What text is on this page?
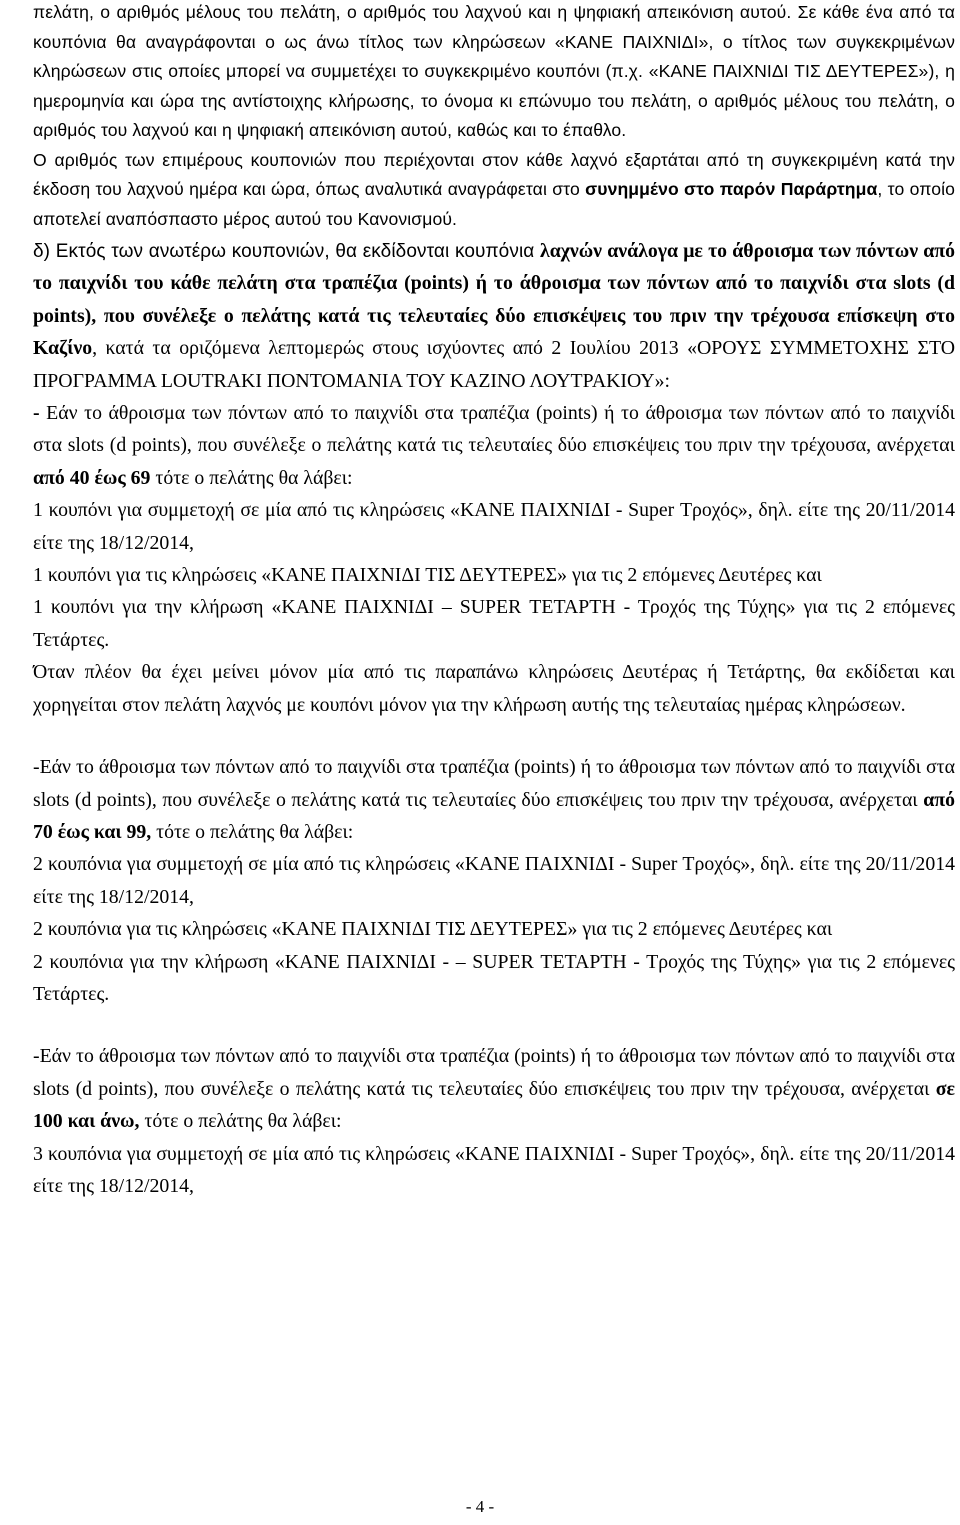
πελάτη, ο αριθμός μέλους του πελάτη, ο αριθμός του λαχνού και η ψηφιακή απεικόνιση αυτού. Σε κάθε ένα από τα κουπόνια θα αναγράφονται ο ως άνω τίτλος των κληρώσεων «ΚΑΝΕ ΠΑΙΧΝΙΔΙ», ο τίτλος των συγκεκριμένων κληρώσεων στις οποίες μπορεί να συμμετέχει το συγκεκριμένο κουπόνι (π.χ. «ΚΑΝΕ ΠΑΙΧΝΙΔΙ ΤΙΣ ΔΕΥΤΕΡΕΣ»), η ημερομηνία και ώρα της αντίστοιχης κλήρωσης, το όνομα κι επώνυμο του πελάτη, ο αριθμός μέλους του πελάτη, ο αριθμός του λαχνού και η ψηφιακή απεικόνιση αυτού, καθώς και το έπαθλο.

Ο αριθμός των επιμέρους κουπονιών που περιέχονται στον κάθε λαχνό εξαρτάται από τη συγκεκριμένη κατά την έκδοση του λαχνού ημέρα και ώρα, όπως αναλυτικά αναγράφεται στο συνημμένο στο παρόν Παράρτημα, το οποίο αποτελεί αναπόσπαστο μέρος αυτού του Κανονισμού.

δ) Εκτός των ανωτέρω κουπονιών, θα εκδίδονται κουπόνια λαχνών ανάλογα με το άθροισμα των πόντων από το παιχνίδι του κάθε πελάτη στα τραπέζια (points) ή το άθροισμα των πόντων από το παιχνίδι στα slots (d points), που συνέλεξε ο πελάτης κατά τις τελευταίες δύο επισκέψεις του πριν την τρέχουσα επίσκεψη στο Καζίνο, κατά τα οριζόμενα λεπτομερώς στους ισχύοντες από 2 Ιουλίου 2013 «ΟΡΟΥΣ ΣΥΜΜΕΤΟΧΗΣ ΣΤΟ ΠΡΟΓΡΑΜΜΑ LOUTRAKI ΠΟΝΤΟΜΑΝΙΑ ΤΟΥ ΚΑΖΙΝΟ ΛΟΥΤΡΑΚΙΟΥ»:

- Εάν το άθροισμα των πόντων από το παιχνίδι στα τραπέζια (points) ή το άθροισμα των πόντων από το παιχνίδι στα slots (d points), που συνέλεξε ο πελάτης κατά τις τελευταίες δύο επισκέψεις του πριν την τρέχουσα, ανέρχεται από 40 έως 69 τότε ο πελάτης θα λάβει:

1 κουπόνι για συμμετοχή σε μία από τις κληρώσεις «ΚΑΝΕ ΠΑΙΧΝΙΔΙ - Super Τροχός», δηλ. είτε της 20/11/2014 είτε της 18/12/2014,

1 κουπόνι για τις κληρώσεις «ΚΑΝΕ ΠΑΙΧΝΙΔΙ ΤΙΣ ΔΕΥΤΕΡΕΣ» για τις 2 επόμενες Δευτέρες και

1 κουπόνι για την κλήρωση «ΚΑΝΕ ΠΑΙΧΝΙΔΙ – SUPER ΤΕΤΑΡΤΗ - Τροχός της Τύχης» για τις 2 επόμενες Τετάρτες.

Όταν πλέον θα έχει μείνει μόνον μία από τις παραπάνω κληρώσεις Δευτέρας ή Τετάρτης, θα εκδίδεται και χορηγείται στον πελάτη λαχνός με κουπόνι μόνον για την κλήρωση αυτής της τελευταίας ημέρας κληρώσεων.

-Εάν το άθροισμα των πόντων από το παιχνίδι στα τραπέζια (points) ή το άθροισμα των πόντων από το παιχνίδι στα slots (d points), που συνέλεξε ο πελάτης κατά τις τελευταίες δύο επισκέψεις του πριν την τρέχουσα, ανέρχεται από 70 έως και 99, τότε ο πελάτης θα λάβει:

2 κουπόνια για συμμετοχή σε μία από τις κληρώσεις «ΚΑΝΕ ΠΑΙΧΝΙΔΙ - Super Τροχός», δηλ. είτε της 20/11/2014 είτε της 18/12/2014,

2 κουπόνια για τις κληρώσεις «ΚΑΝΕ ΠΑΙΧΝΙΔΙ ΤΙΣ ΔΕΥΤΕΡΕΣ» για τις 2 επόμενες Δευτέρες και

2 κουπόνια για την κλήρωση «ΚΑΝΕ ΠΑΙΧΝΙΔΙ - – SUPER ΤΕΤΑΡΤΗ - Τροχός της Τύχης» για τις 2 επόμενες Τετάρτες.

-Εάν το άθροισμα των πόντων από το παιχνίδι στα τραπέζια (points) ή το άθροισμα των πόντων από το παιχνίδι στα slots (d points), που συνέλεξε ο πελάτης κατά τις τελευταίες δύο επισκέψεις του πριν την τρέχουσα, ανέρχεται σε 100 και άνω, τότε ο πελάτης θα λάβει:

3 κουπόνια για συμμετοχή σε μία από τις κληρώσεις «ΚΑΝΕ ΠΑΙΧΝΙΔΙ - Super Τροχός», δηλ. είτε της 20/11/2014 είτε της 18/12/2014,

- 4 -
